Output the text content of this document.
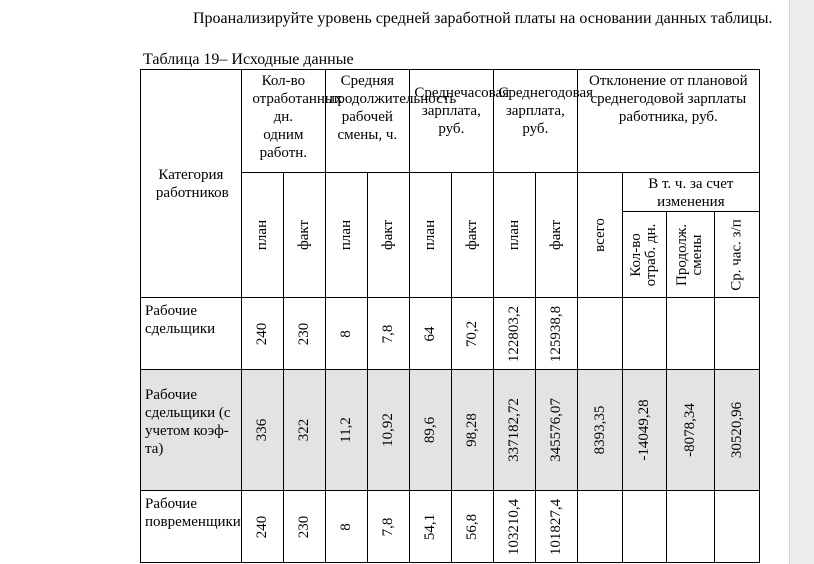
Проанализируйте уровень средней заработной платы на основании данных таблицы.
Таблица 19– Исходные данные
Категория работников	Кол-во отработанных дн. одним работн.		Средняя продолжительность рабочей смены, ч.		Среднечасовая зарплата, руб.		Среднегодовая зарплата, руб.		Отклонение от плановой среднегодовой зарплаты работника, руб.			

	план	факт	план	факт	план	факт	план	факт	всего	В т. ч. за счет изменения		

										Кол-во отраб. дн.	Продолж. смены	Ср. час. з/п

Рабочие сдельщики	240	230	8	7,8	64	70,2	122803,2	125938,8				

Рабочие сдельщики (с учетом коэф-та)	336	322	11,2	10,92	89,6	98,28	337182,72	345576,07	8393,35	-14049,28	-8078,34	30520,96

Рабочие повременщики	240	230	8	7,8	54,1	56,8	103210,4	101827,4				
